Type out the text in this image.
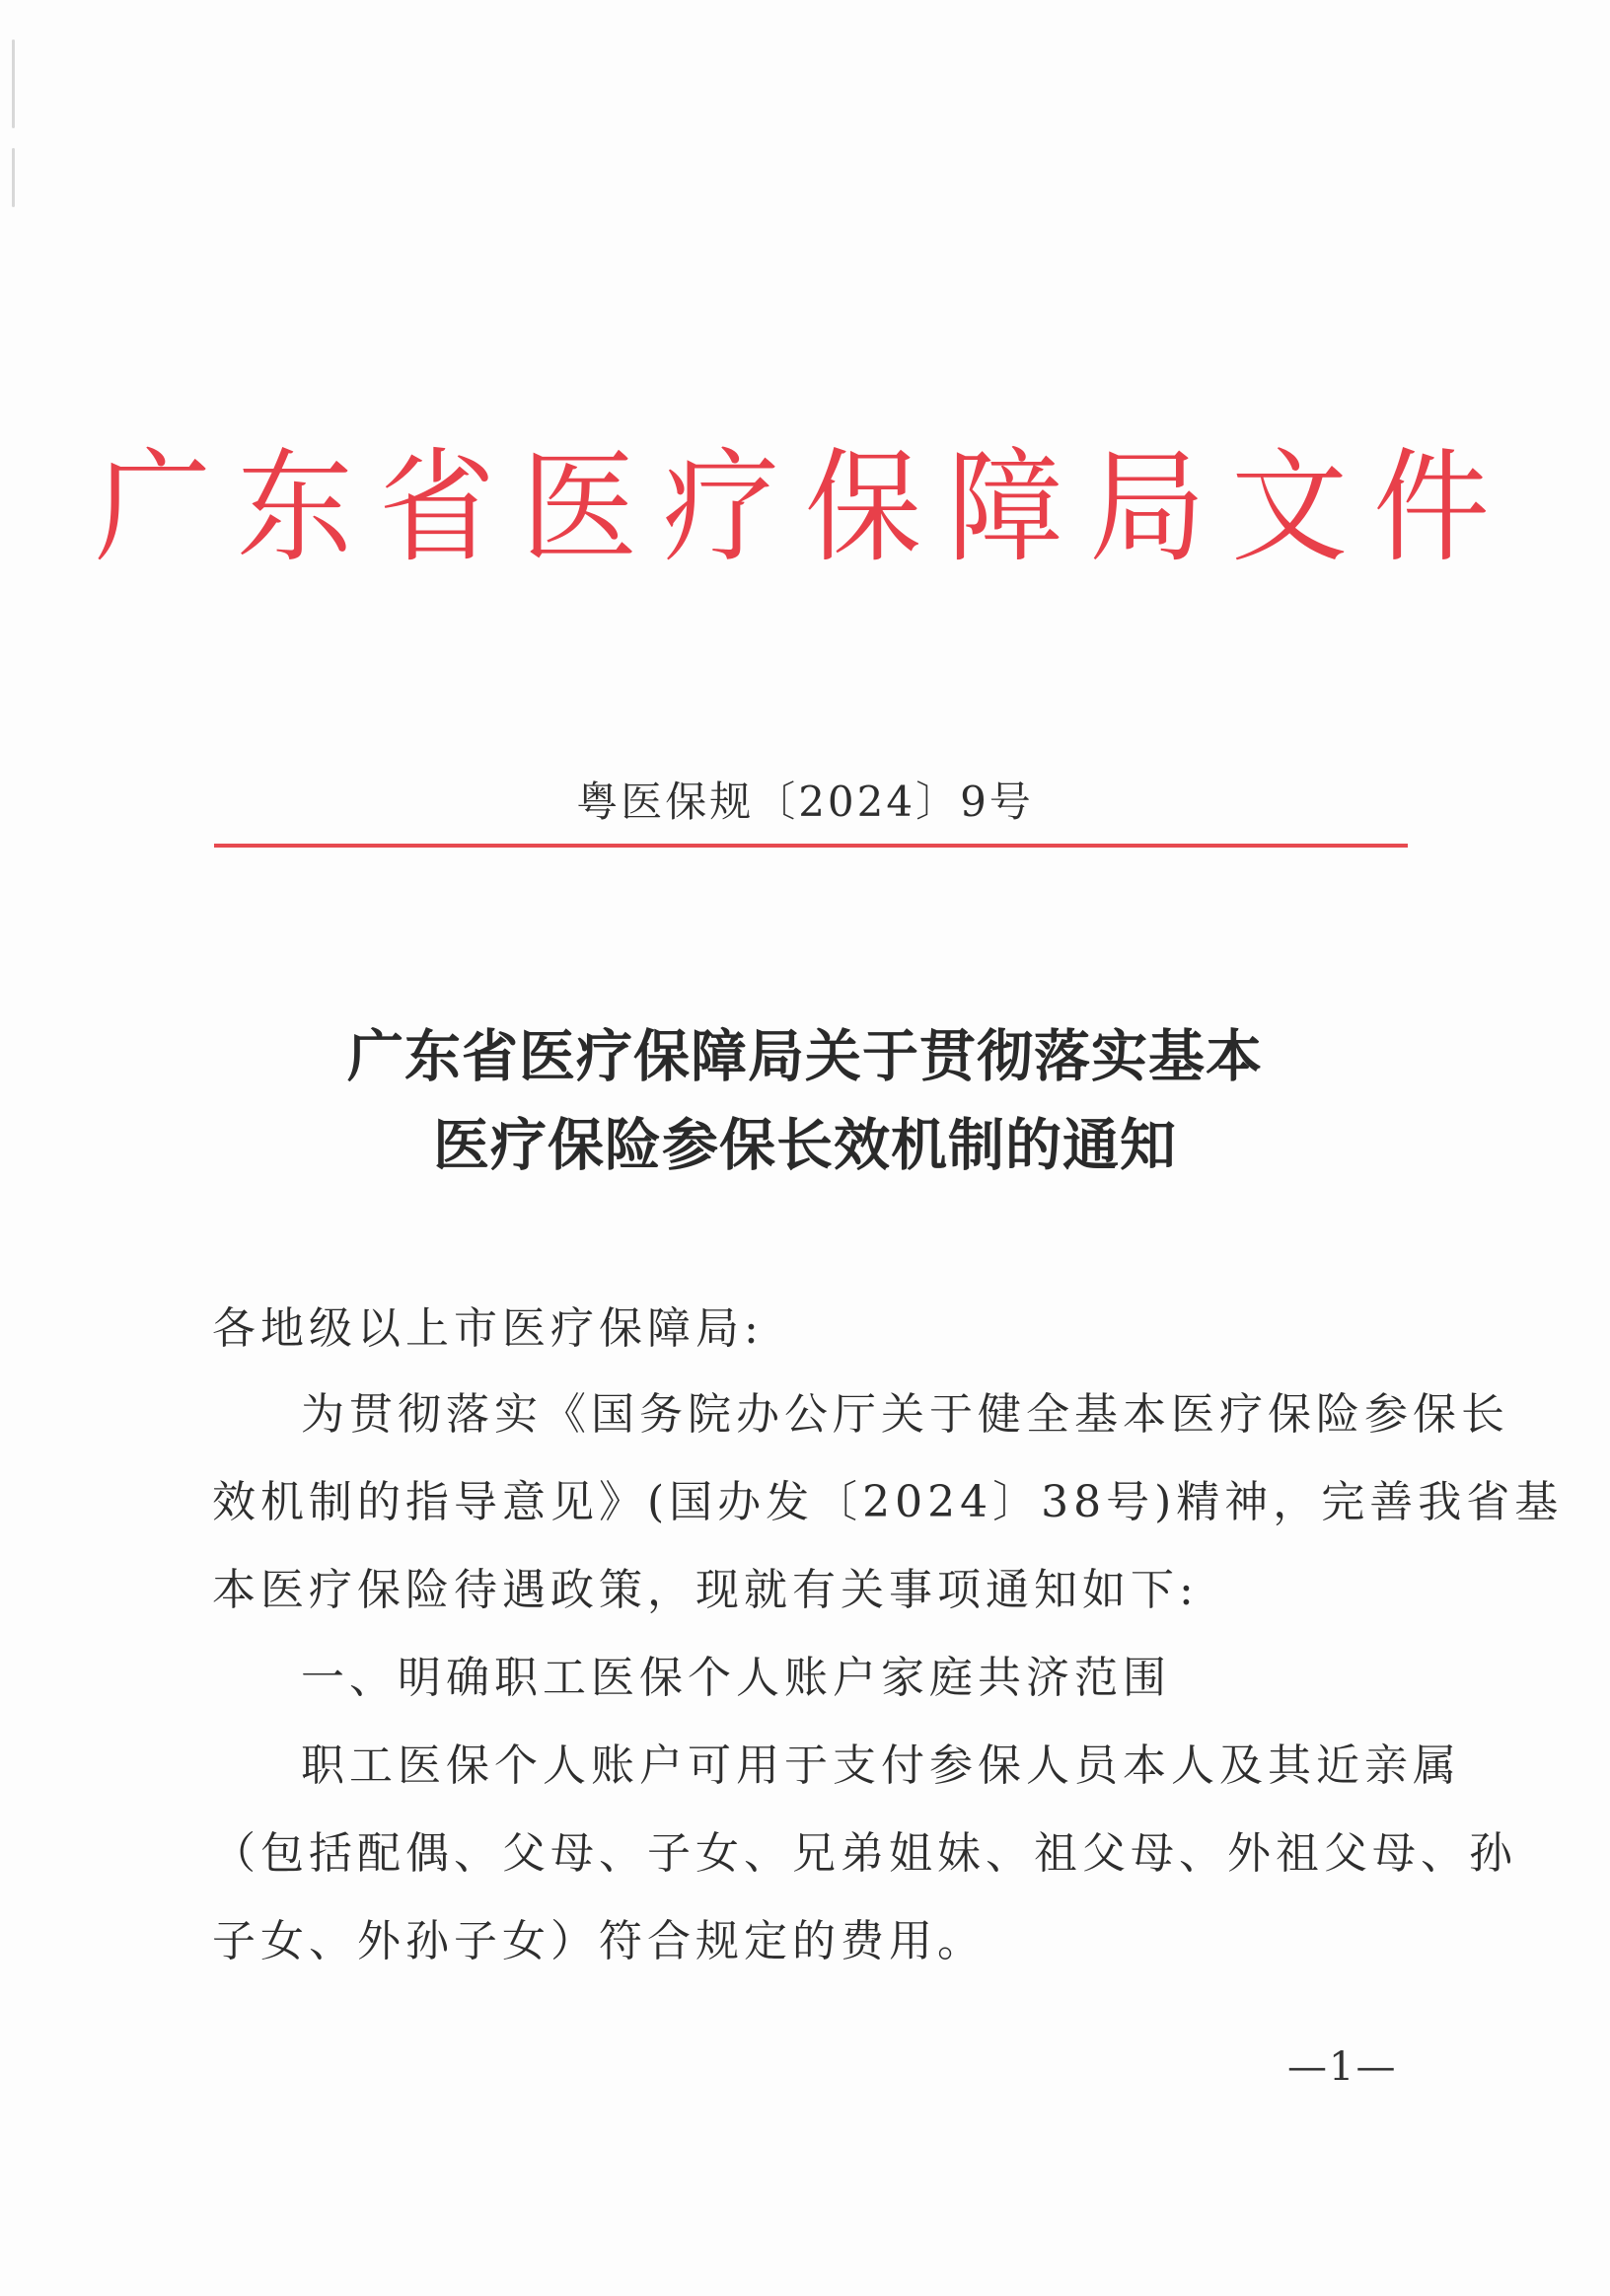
广东省医疗保障局文件
粤医保规〔2024〕9号
广东省医疗保障局关于贯彻落实基本
医疗保险参保长效机制的通知
各地级以上市医疗保障局:
为贯彻落实《国务院办公厅关于健全基本医疗保险参保长
效机制的指导意见》(国办发〔2024〕38号)精神，完善我省基
本医疗保险待遇政策，现就有关事项通知如下:
一、明确职工医保个人账户家庭共济范围
职工医保个人账户可用于支付参保人员本人及其近亲属
（包括配偶、父母、子女、兄弟姐妹、祖父母、外祖父母、孙
子女、外孙子女）符合规定的费用。
—1—
